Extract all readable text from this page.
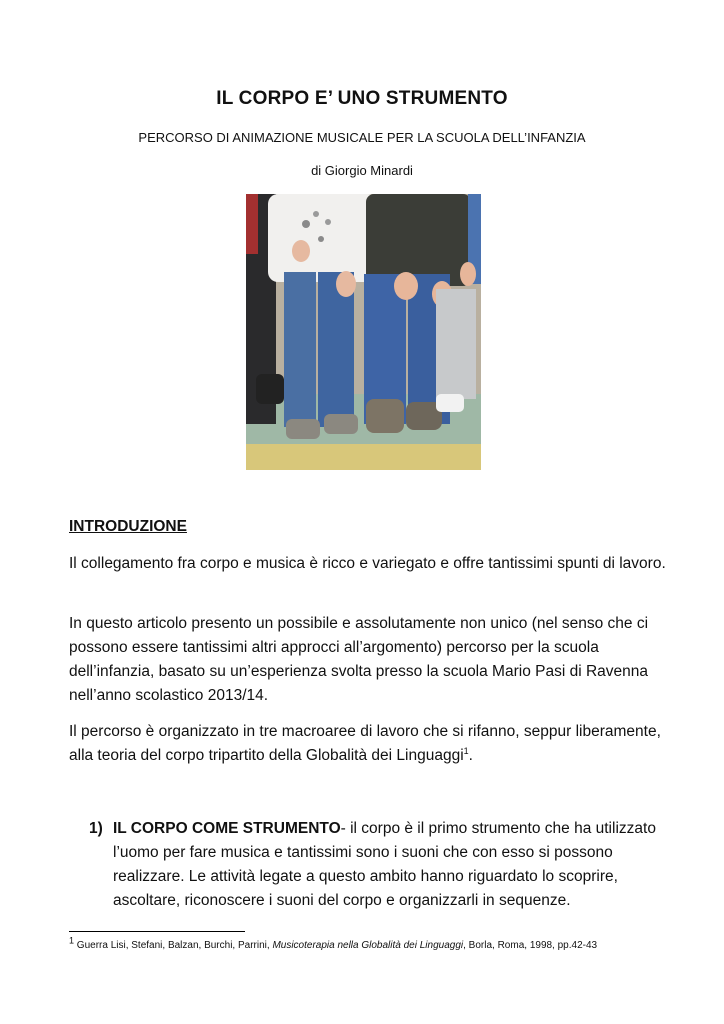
IL CORPO E’ UNO STRUMENTO
PERCORSO DI ANIMAZIONE MUSICALE PER LA SCUOLA DELL’INFANZIA
di Giorgio Minardi
INTRODUZIONE

Il collegamento fra corpo e musica è ricco e variegato e offre tantissimi spunti di lavoro.

In questo articolo presento un possibile e assolutamente non unico (nel senso che ci possono essere tantissimi altri approcci all’argomento) percorso per la scuola dell’infanzia, basato su un’esperienza svolta presso la scuola Mario Pasi di Ravenna nell’anno scolastico 2013/14.

Il percorso è organizzato in tre macroaree di lavoro che si rifanno, seppur liberamente, alla teoria del corpo tripartito della Globalità dei Linguaggi$^1$.

1) IL CORPO COME STRUMENTO- il corpo è il primo strumento che ha utilizzato l’uomo per fare musica e tantissimi sono i suoni che con esso si possono realizzare. Le attività legate a questo ambito hanno riguardato lo scoprire, ascoltare, riconoscere i suoni del corpo e organizzarli in sequenze.
$^1$ Guerra Lisi, Stefani, Balzan, Burchi, Parrini, Musicoterapia nella Globalità dei Linguaggi, Borla, Roma, 1998, pp.42-43
